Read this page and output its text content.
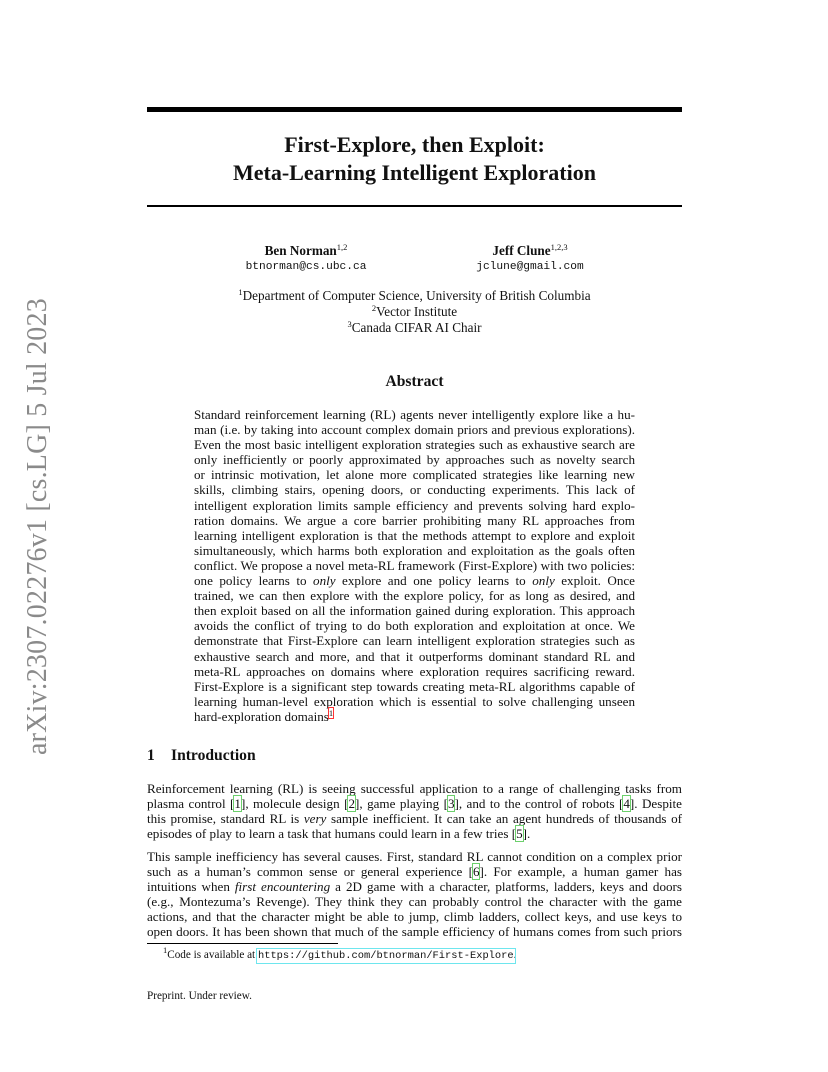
arXiv:2307.02276v1 [cs.LG] 5 Jul 2023
First-Explore, then Exploit:
Meta-Learning Intelligent Exploration
Ben Norman$^{1,2}$
btnorman@cs.ubc.ca
Jeff Clune$^{1,2,3}$
jclune@gmail.com
$^1$Department of Computer Science, University of British Columbia
$^2$Vector Institute
$^3$Canada CIFAR AI Chair
Abstract
Standard reinforcement learning (RL) agents never intelligently explore like a hu-
man (i.e. by taking into account complex domain priors and previous explorations).
Even the most basic intelligent exploration strategies such as exhaustive search are
only inefficiently or poorly approximated by approaches such as novelty search
or intrinsic motivation, let alone more complicated strategies like learning new
skills, climbing stairs, opening doors, or conducting experiments. This lack of
intelligent exploration limits sample efficiency and prevents solving hard explo-
ration domains. We argue a core barrier prohibiting many RL approaches from
learning intelligent exploration is that the methods attempt to explore and exploit
simultaneously, which harms both exploration and exploitation as the goals often
conflict. We propose a novel meta-RL framework (First-Explore) with two policies:
one policy learns to only explore and one policy learns to only exploit. Once
trained, we can then explore with the explore policy, for as long as desired, and
then exploit based on all the information gained during exploration. This approach
avoids the conflict of trying to do both exploration and exploitation at once. We
demonstrate that First-Explore can learn intelligent exploration strategies such as
exhaustive search and more, and that it outperforms dominant standard RL and
meta-RL approaches on domains where exploration requires sacrificing reward.
First-Explore is a significant step towards creating meta-RL algorithms capable of
learning human-level exploration which is essential to solve challenging unseen
hard-exploration domains$^1$
1 Introduction
Reinforcement learning (RL) is seeing successful application to a range of challenging tasks from
plasma control [1], molecule design [2], game playing [3], and to the control of robots [4]. Despite
this promise, standard RL is very sample inefficient. It can take an agent hundreds of thousands of
episodes of play to learn a task that humans could learn in a few tries [5].
This sample inefficiency has several causes. First, standard RL cannot condition on a complex prior
such as a human’s common sense or general experience [6]. For example, a human gamer has
intuitions when first encountering a 2D game with a character, platforms, ladders, keys and doors
(e.g., Montezuma’s Revenge). They think they can probably control the character with the game
actions, and that the character might be able to jump, climb ladders, collect keys, and use keys to
open doors. It has been shown that much of the sample efficiency of humans comes from such priors
$^1$Code is available at https://github.com/btnorman/First-Explore.
Preprint. Under review.
